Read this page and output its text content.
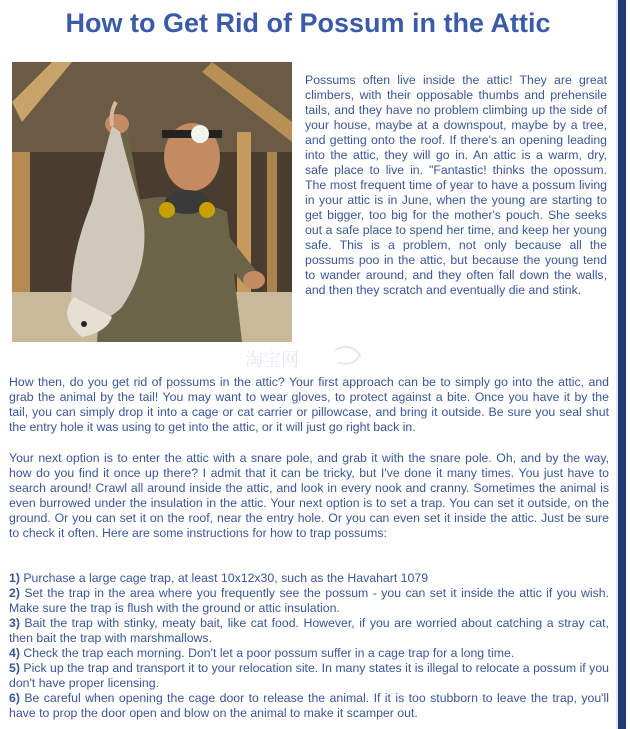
How to Get Rid of Possum in the Attic

Possums often live inside the attic! They are great climbers, with their opposable thumbs and prehensile tails, and they have no problem climbing up the side of your house, maybe at a downspout, maybe by a tree, and getting onto the roof. If there's an opening leading into the attic, they will go in. An attic is a warm, dry, safe place to live in. "Fantastic! thinks the opossum. The most frequent time of year to have a possum living in your attic is in June, when the young are starting to get bigger, too big for the mother's pouch. She seeks out a safe place to spend her time, and keep her young safe. This is a problem, not only because all the possums poo in the attic, but because the young tend to wander around, and they often fall down the walls, and then they scratch and eventually die and stink.

淘宝网

How then, do you get rid of possums in the attic? Your first approach can be to simply go into the attic, and grab the animal by the tail! You may want to wear gloves, to protect against a bite. Once you have it by the tail, you can simply drop it into a cage or cat carrier or pillowcase, and bring it outside. Be sure you seal shut the entry hole it was using to get into the attic, or it will just go right back in.

Your next option is to enter the attic with a snare pole, and grab it with the snare pole. Oh, and by the way, how do you find it once up there? I admit that it can be tricky, but I've done it many times. You just have to search around! Crawl all around inside the attic, and look in every nook and cranny. Sometimes the animal is even burrowed under the insulation in the attic. Your next option is to set a trap. You can set it outside, on the ground. Or you can set it on the roof, near the entry hole. Or you can even set it inside the attic. Just be sure to check it often. Here are some instructions for how to trap possums:

1) Purchase a large cage trap, at least 10x12x30, such as the Havahart 1079
2) Set the trap in the area where you frequently see the possum - you can set it inside the attic if you wish. Make sure the trap is flush with the ground or attic insulation.
3) Bait the trap with stinky, meaty bait, like cat food. However, if you are worried about catching a stray cat, then bait the trap with marshmallows.
4) Check the trap each morning. Don't let a poor possum suffer in a cage trap for a long time.
5) Pick up the trap and transport it to your relocation site. In many states it is illegal to relocate a possum if you don't have proper licensing.
6) Be careful when opening the cage door to release the animal. If it is too stubborn to leave the trap, you'll have to prop the door open and blow on the animal to make it scamper out.
